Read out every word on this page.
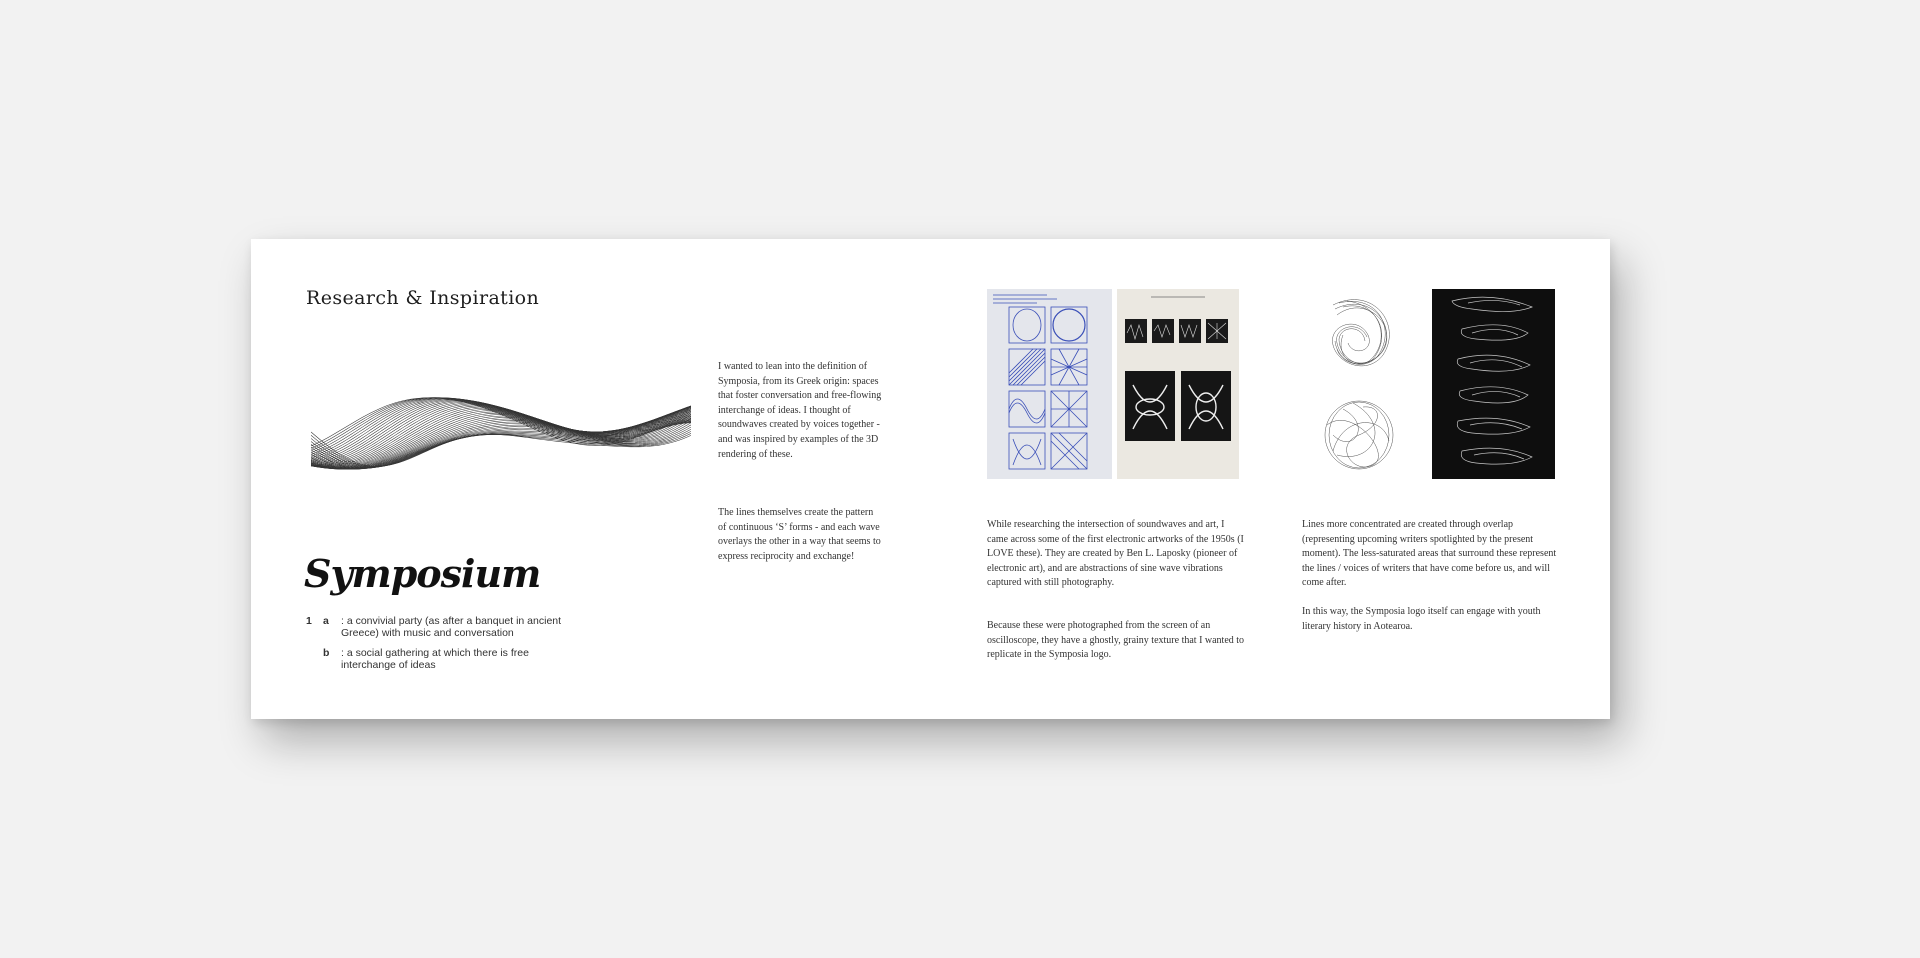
Research & Inspiration
Symposium
1 a : a convivial party (as after a banquet in ancient Greece) with music and conversation
b : a social gathering at which there is free interchange of ideas

I wanted to lean into the definition of Symposia, from its Greek origin: spaces that foster conversation and free-flowing interchange of ideas. I thought of soundwaves created by voices together - and was inspired by examples of the 3D rendering of these.

The lines themselves create the pattern of continuous ‘S’ forms - and each wave overlays the other in a way that seems to express reciprocity and exchange!

While researching the intersection of soundwaves and art, I came across some of the first electronic artworks of the 1950s (I LOVE these). They are created by Ben L. Laposky (pioneer of electronic art), and are abstractions of sine wave vibrations captured with still photography.

Because these were photographed from the screen of an oscilloscope, they have a ghostly, grainy texture that I wanted to replicate in the Symposia logo.

Lines more concentrated are created through overlap (representing upcoming writers spotlighted by the present moment). The less-saturated areas that surround these represent the lines / voices of writers that have come before us, and will come after.

In this way, the Symposia logo itself can engage with youth literary history in Aotearoa.
